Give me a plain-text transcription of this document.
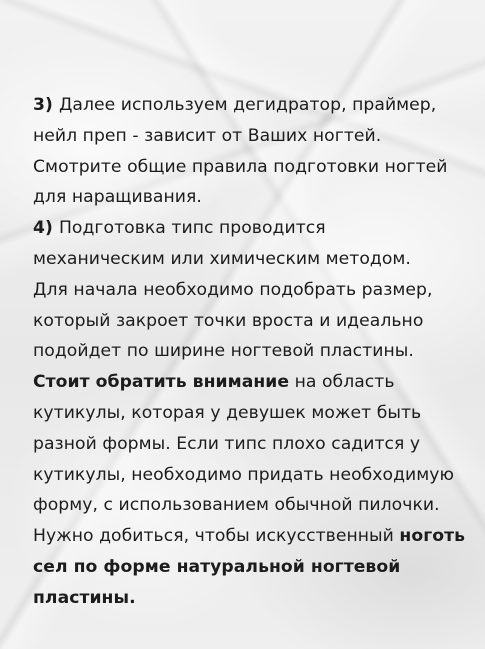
3) Далее используем дегидратор, праймер,
нейл преп - зависит от Ваших ногтей.
Смотрите общие правила подготовки ногтей
для наращивания.
4) Подготовка типс проводится
механическим или химическим методом.
Для начала необходимо подобрать размер,
который закроет точки вроста и идеально
подойдет по ширине ногтевой пластины.
Стоит обратить внимание на область
кутикулы, которая у девушек может быть
разной формы. Если типс плохо садится у
кутикулы, необходимо придать необходимую
форму, с использованием обычной пилочки.
Нужно добиться, чтобы искусственный ноготь
сел по форме натуральной ногтевой
пластины.
